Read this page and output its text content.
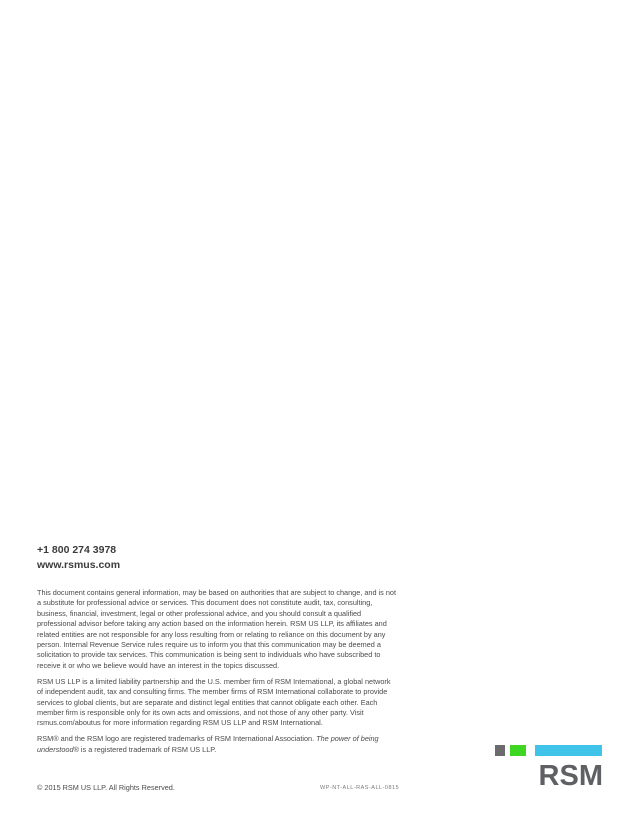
+1 800 274 3978
www.rsmus.com

This document contains general information, may be based on authorities that are subject to change, and is not a substitute for professional advice or services. This document does not constitute audit, tax, consulting, business, financial, investment, legal or other professional advice, and you should consult a qualified professional advisor before taking any action based on the information herein. RSM US LLP, its affiliates and related entities are not responsible for any loss resulting from or relating to reliance on this document by any person. Internal Revenue Service rules require us to inform you that this communication may be deemed a solicitation to provide tax services. This communication is being sent to individuals who have subscribed to receive it or who we believe would have an interest in the topics discussed.

RSM US LLP is a limited liability partnership and the U.S. member firm of RSM International, a global network of independent audit, tax and consulting firms. The member firms of RSM International collaborate to provide services to global clients, but are separate and distinct legal entities that cannot obligate each other. Each member firm is responsible only for its own acts and omissions, and not those of any other party. Visit rsmus.com/aboutus for more information regarding RSM US LLP and RSM International.

RSM® and the RSM logo are registered trademarks of RSM International Association. The power of being understood® is a registered trademark of RSM US LLP.

© 2015 RSM US LLP. All Rights Reserved.	WP-NT-ALL-RAS-ALL-0815	RSM
